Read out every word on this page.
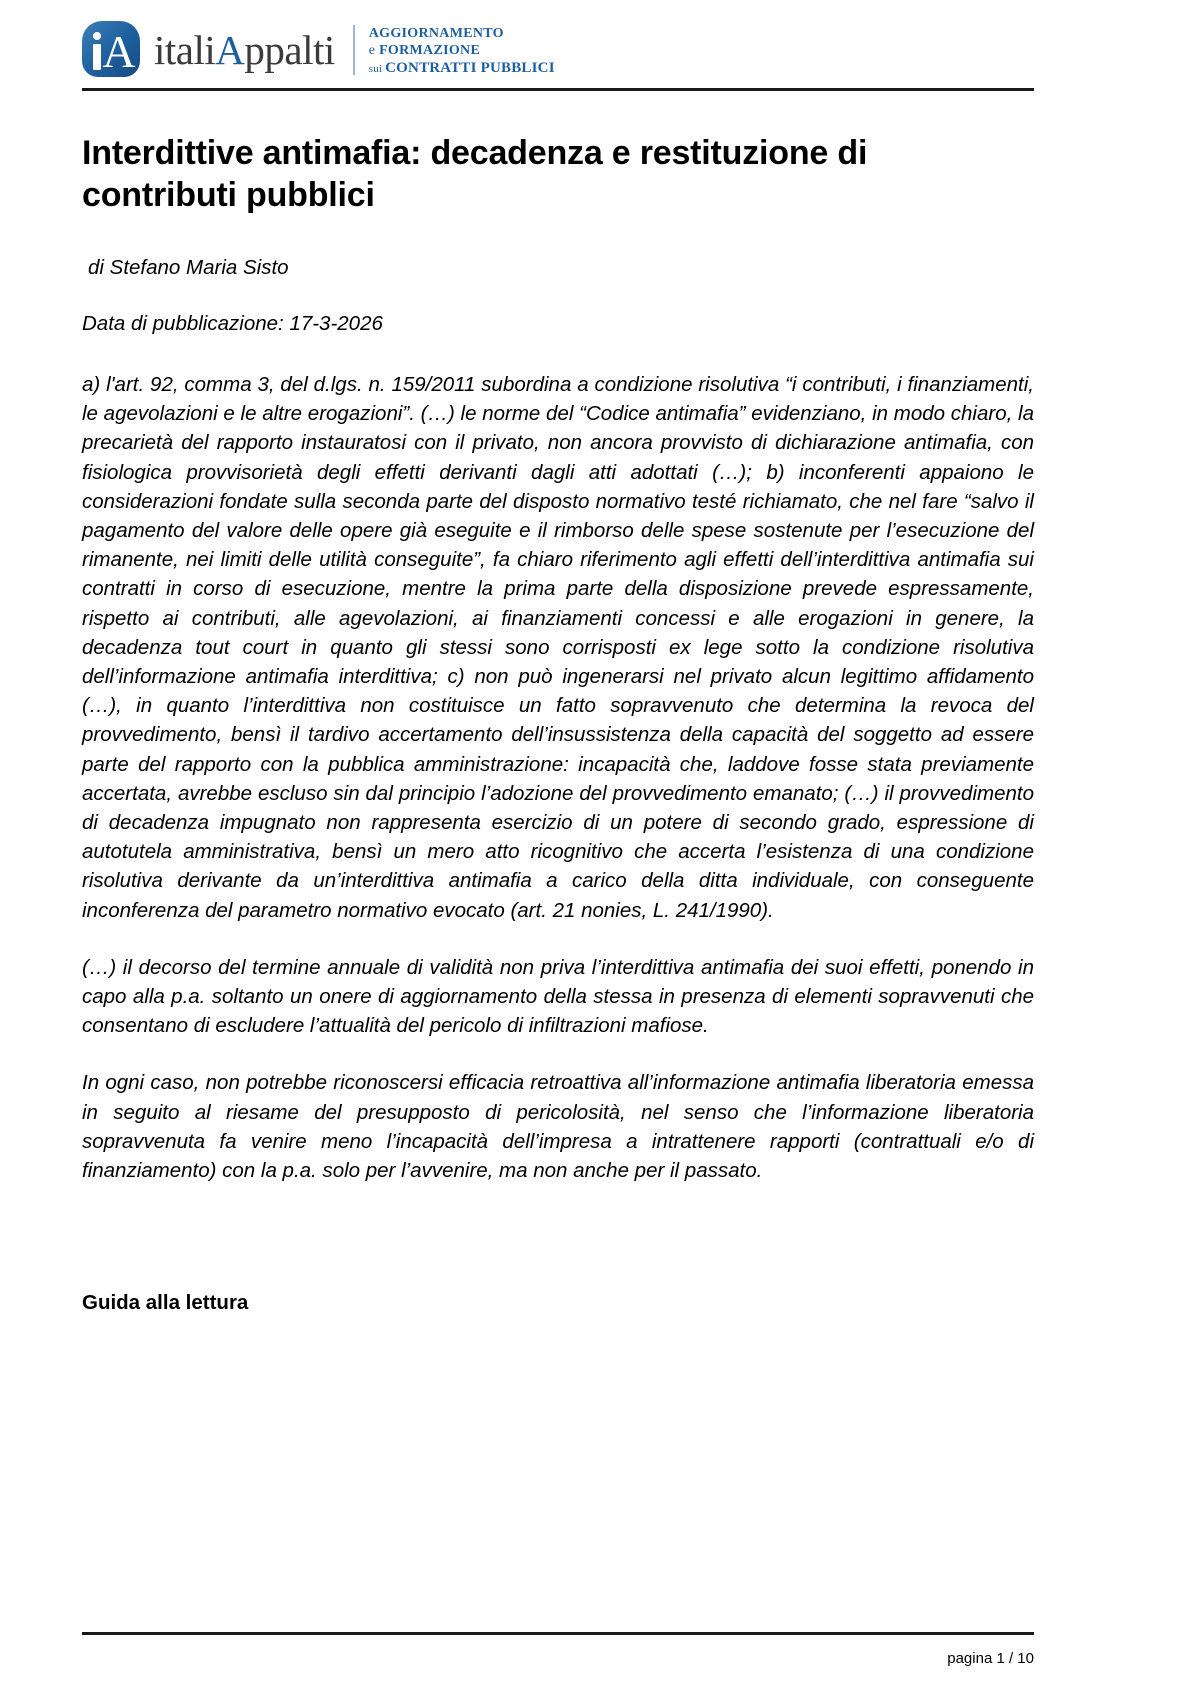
A italiAppalti AGGIORNAMENTO
e FORMAZIONE
sui CONTRATTI PUBBLICI
Interdittive antimafia: decadenza e restituzione di contributi pubblici
di Stefano Maria Sisto
Data di pubblicazione: 17-3-2026

a) l'art. 92, comma 3, del d.lgs. n. 159/2011 subordina a condizione risolutiva “i contributi, i finanziamenti, le agevolazioni e le altre erogazioni”. (…) le norme del “Codice antimafia” evidenziano, in modo chiaro, la precarietà del rapporto instauratosi con il privato, non ancora provvisto di dichiarazione antimafia, con fisiologica provvisorietà degli effetti derivanti dagli atti adottati (…); b) inconferenti appaiono le considerazioni fondate sulla seconda parte del disposto normativo testé richiamato, che nel fare “salvo il pagamento del valore delle opere già eseguite e il rimborso delle spese sostenute per l’esecuzione del rimanente, nei limiti delle utilità conseguite”, fa chiaro riferimento agli effetti dell’interdittiva antimafia sui contratti in corso di esecuzione, mentre la prima parte della disposizione prevede espressamente, rispetto ai contributi, alle agevolazioni, ai finanziamenti concessi e alle erogazioni in genere, la decadenza tout court in quanto gli stessi sono corrisposti ex lege sotto la condizione risolutiva dell’informazione antimafia interdittiva; c) non può ingenerarsi nel privato alcun legittimo affidamento (…), in quanto l’interdittiva non costituisce un fatto sopravvenuto che determina la revoca del provvedimento, bensì il tardivo accertamento dell’insussistenza della capacità del soggetto ad essere parte del rapporto con la pubblica amministrazione: incapacità che, laddove fosse stata previamente accertata, avrebbe escluso sin dal principio l’adozione del provvedimento emanato; (…) il provvedimento di decadenza impugnato non rappresenta esercizio di un potere di secondo grado, espressione di autotutela amministrativa, bensì un mero atto ricognitivo che accerta l’esistenza di una condizione risolutiva derivante da un’interdittiva antimafia a carico della ditta individuale, con conseguente inconferenza del parametro normativo evocato (art. 21 nonies, L. 241/1990).

(…) il decorso del termine annuale di validità non priva l’interdittiva antimafia dei suoi effetti, ponendo in capo alla p.a. soltanto un onere di aggiornamento della stessa in presenza di elementi sopravvenuti che consentano di escludere l’attualità del pericolo di infiltrazioni mafiose.

In ogni caso, non potrebbe riconoscersi efficacia retroattiva all’informazione antimafia liberatoria emessa in seguito al riesame del presupposto di pericolosità, nel senso che l’informazione liberatoria sopravvenuta fa venire meno l’incapacità dell’impresa a intrattenere rapporti (contrattuali e/o di finanziamento) con la p.a. solo per l’avvenire, ma non anche per il passato.

Guida alla lettura
pagina 1 / 10
